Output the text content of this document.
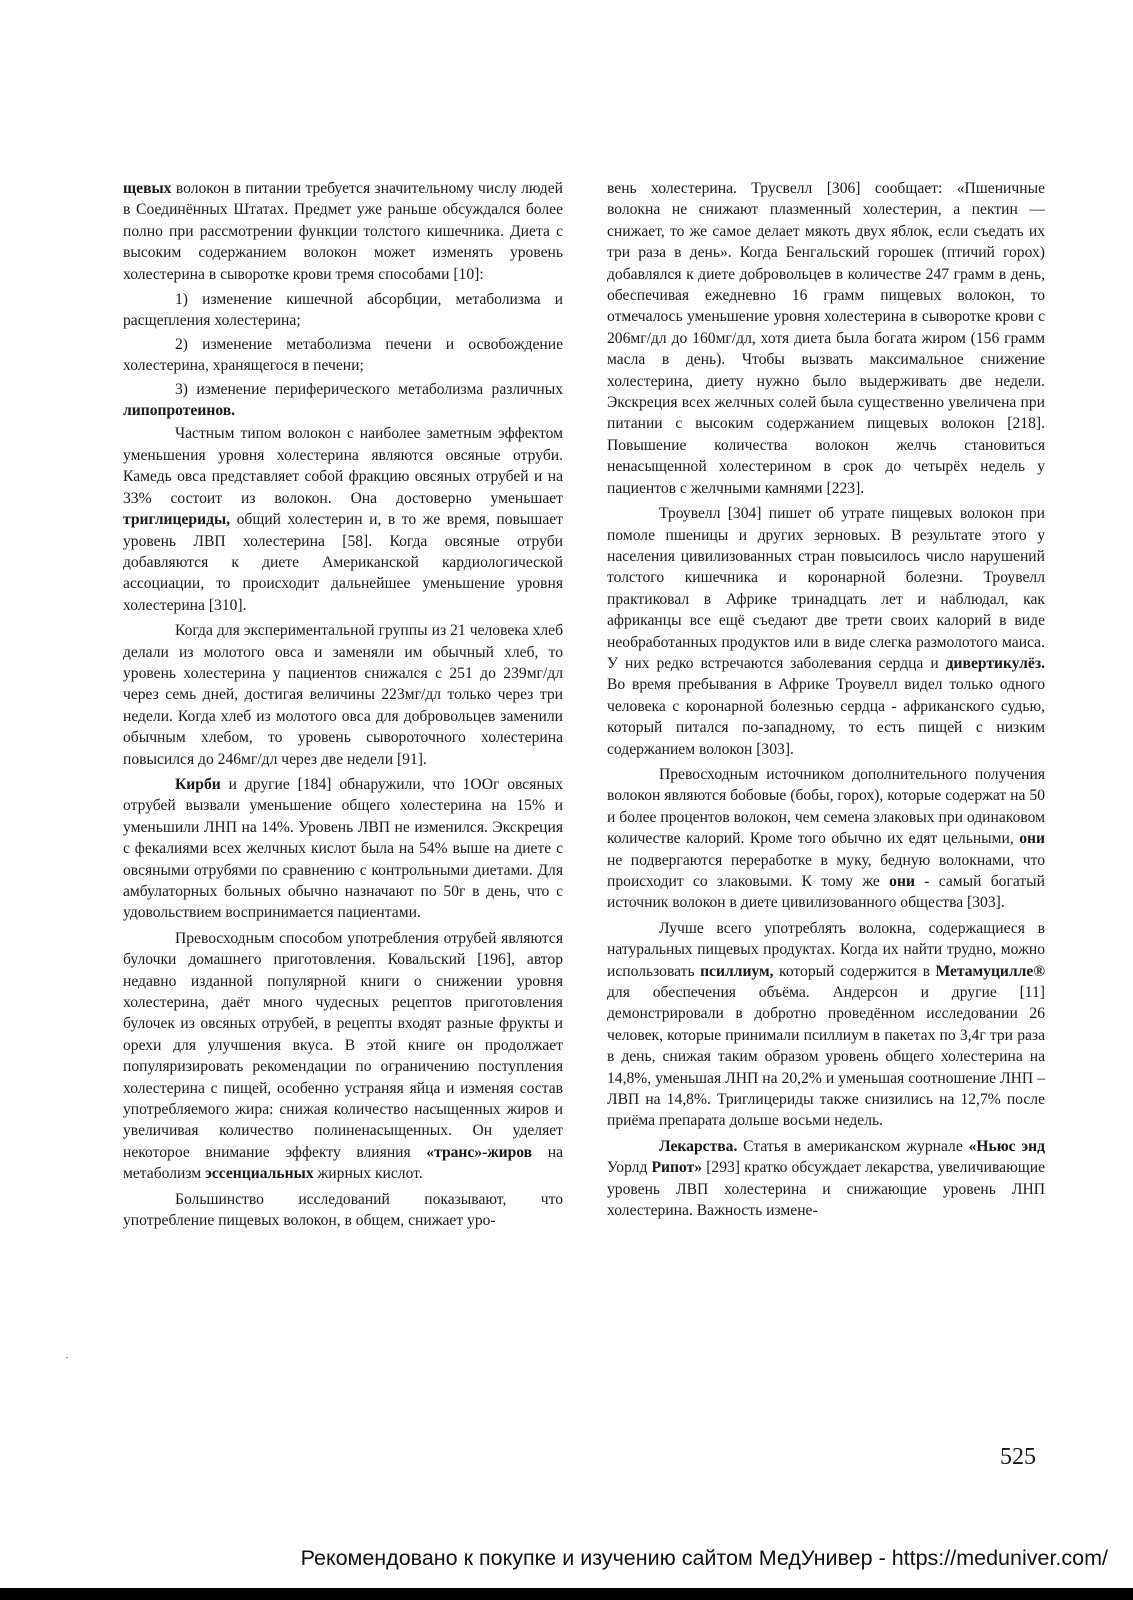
щевых волокон в питании требуется значительному числу людей в Соединённых Штатах. Предмет уже раньше обсуждался более полно при рассмотрении функции толстого кишечника. Диета с высоким содержанием волокон может изменять уровень холестерина в сыворотке крови тремя способами [10]:

1) изменение кишечной абсорбции, метаболизма и расщепления холестерина;

2) изменение метаболизма печени и освобождение холестерина, хранящегося в печени;

3) изменение периферического метаболизма различных липопротеинов.

Частным типом волокон с наиболее заметным эффектом уменьшения уровня холестерина являются овсяные отруби. Камедь овса представляет собой фракцию овсяных отрубей и на 33% состоит из волокон. Она достоверно уменьшает триглицериды, общий холестерин и, в то же время, повышает уровень ЛВП холестерина [58]. Когда овсяные отруби добавляются к диете Американской кардиологической ассоциации, то происходит дальнейшее уменьшение уровня холестерина [310].

Когда для экспериментальной группы из 21 человека хлеб делали из молотого овса и заменяли им обычный хлеб, то уровень холестерина у пациентов снижался с 251 до 239мг/дл через семь дней, достигая величины 223мг/дл только через три недели. Когда хлеб из молотого овса для добровольцев заменили обычным хлебом, то уровень сывороточного холестерина повысился до 246мг/дл через две недели [91].

Кирби и другие [184] обнаружили, что 1ООг овсяных отрубей вызвали уменьшение общего холестерина на 15% и уменьшили ЛНП на 14%. Уровень ЛВП не изменился. Экскреция с фекалиями всех желчных кислот была на 54% выше на диете с овсяными отрубями по сравнению с контрольными диетами. Для амбулаторных больных обычно назначают по 50г в день, что с удовольствием воспринимается пациентами.

Превосходным способом употребления отрубей являются булочки домашнего приготовления. Ковальский [196], автор недавно изданной популярной книги о снижении уровня холестерина, даёт много чудесных рецептов приготовления булочек из овсяных отрубей, в рецепты входят разные фрукты и орехи для улучшения вкуса. В этой книге он продолжает популяризировать рекомендации по ограничению поступления холестерина с пищей, особенно устраняя яйца и изменяя состав употребляемого жира: снижая количество насыщенных жиров и увеличивая количество полиненасыщенных. Он уделяет некоторое внимание эффекту влияния «транс»-жиров на метаболизм эссенциальных жирных кислот.

Большинство исследований показывают, что употребление пищевых волокон, в общем, снижает уро-

вень холестерина. Трусвелл [306] сообщает: «Пшеничные волокна не снижают плазменный холестерин, а пектин — снижает, то же самое делает мякоть двух яблок, если съедать их три раза в день». Когда Бенгальский горошек (птичий горох) добавлялся к диете добровольцев в количестве 247 грамм в день, обеспечивая ежедневно 16 грамм пищевых волокон, то отмечалось уменьшение уровня холестерина в сыворотке крови с 206мг/дл до 160мг/дл, хотя диета была богата жиром (156 грамм масла в день). Чтобы вызвать максимальное снижение холестерина, диету нужно было выдерживать две недели. Экскреция всех желчных солей была существенно увеличена при питании с высоким содержанием пищевых волокон [218]. Повышение количества волокон желчь становиться ненасыщенной холестерином в срок до четырёх недель у пациентов с желчными камнями [223].

Троувелл [304] пишет об утрате пищевых волокон при помоле пшеницы и других зерновых. В результате этого у населения цивилизованных стран повысилось число нарушений толстого кишечника и коронарной болезни. Троувелл практиковал в Африке тринадцать лет и наблюдал, как африканцы все ещё съедают две трети своих калорий в виде необработанных продуктов или в виде слегка размолотого маиса. У них редко встречаются заболевания сердца и дивертикулёз. Во время пребывания в Африке Троувелл видел только одного человека с коронарной болезнью сердца - африканского судью, который питался по-западному, то есть пищей с низким содержанием волокон [303].

Превосходным источником дополнительного получения волокон являются бобовые (бобы, горох), которые содержат на 50 и более процентов волокон, чем семена злаковых при одинаковом количестве калорий. Кроме того обычно их едят цельными, они не подвергаются переработке в муку, бедную волокнами, что происходит со злаковыми. К тому же они - самый богатый источник волокон в диете цивилизованного общества [303].

Лучше всего употреблять волокна, содержащиеся в натуральных пищевых продуктах. Когда их найти трудно, можно использовать псиллиум, который содержится в Метамуцилле® для обеспечения объёма. Андерсон и другие [11] демонстрировали в добротно проведённом исследовании 26 человек, которые принимали псиллиум в пакетах по 3,4г три раза в день, снижая таким образом уровень общего холестерина на 14,8%, уменьшая ЛНП на 20,2% и уменьшая соотношение ЛНП – ЛВП на 14,8%. Триглицериды также снизились на 12,7% после приёма препарата дольше восьми недель.

Лекарства. Статья в американском журнале «Ньюс энд Уорлд Рипот» [293] кратко обсуждает лекарства, увеличивающие уровень ЛВП холестерина и снижающие уровень ЛНП холестерина. Важность измене-

525
Рекомендовано к покупке и изучению сайтом МедУнивер - https://meduniver.com/
